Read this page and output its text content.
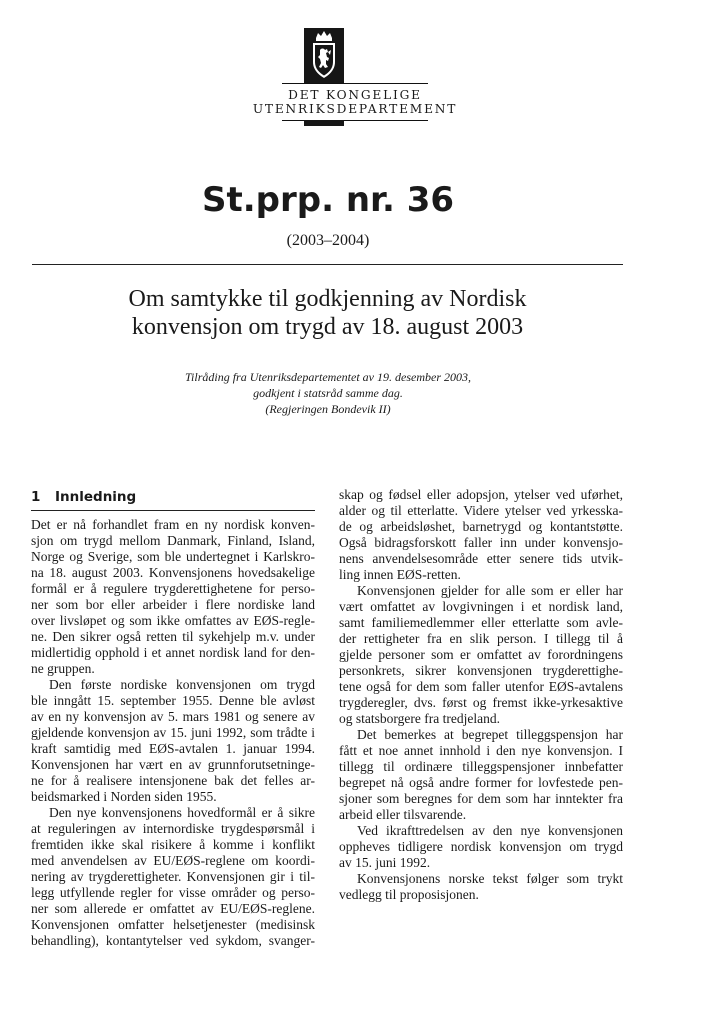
DET KONGELIGE
UTENRIKSDEPARTEMENT
St.prp. nr. 36
(2003–2004)
Om samtykke til godkjenning av Nordisk
konvensjon om trygd av 18. august 2003
Tilråding fra Utenriksdepartementet av 19. desember 2003,
godkjent i statsråd samme dag.
(Regjeringen Bondevik II)
1 Innledning
Det er nå forhandlet fram en ny nordisk konven-
sjon om trygd mellom Danmark, Finland, Island,
Norge og Sverige, som ble undertegnet i Karlskro-
na 18. august 2003. Konvensjonens hovedsakelige
formål er å regulere trygderettighetene for perso-
ner som bor eller arbeider i flere nordiske land
over livsløpet og som ikke omfattes av EØS-regle-
ne. Den sikrer også retten til sykehjelp m.v. under
midlertidig opphold i et annet nordisk land for den-
ne gruppen.
Den første nordiske konvensjonen om trygd
ble inngått 15. september 1955. Denne ble avløst
av en ny konvensjon av 5. mars 1981 og senere av
gjeldende konvensjon av 15. juni 1992, som trådte i
kraft samtidig med EØS-avtalen 1. januar 1994.
Konvensjonen har vært en av grunnforutsetninge-
ne for å realisere intensjonene bak det felles ar-
beidsmarked i Norden siden 1955.
Den nye konvensjonens hovedformål er å sikre
at reguleringen av internordiske trygdespørsmål i
fremtiden ikke skal risikere å komme i konflikt
med anvendelsen av EU/EØS-reglene om koordi-
nering av trygderettigheter. Konvensjonen gir i til-
legg utfyllende regler for visse områder og perso-
ner som allerede er omfattet av EU/EØS-reglene.
Konvensjonen omfatter helsetjenester (medisinsk
behandling), kontantytelser ved sykdom, svanger-
skap og fødsel eller adopsjon, ytelser ved uførhet,
alder og til etterlatte. Videre ytelser ved yrkesska-
de og arbeidsløshet, barnetrygd og kontantstøtte.
Også bidragsforskott faller inn under konvensjo-
nens anvendelsesområde etter senere tids utvik-
ling innen EØS-retten.
Konvensjonen gjelder for alle som er eller har
vært omfattet av lovgivningen i et nordisk land,
samt familiemedlemmer eller etterlatte som avle-
der rettigheter fra en slik person. I tillegg til å
gjelde personer som er omfattet av forordningens
personkrets, sikrer konvensjonen trygderettighe-
tene også for dem som faller utenfor EØS-avtalens
trygderegler, dvs. først og fremst ikke-yrkesaktive
og statsborgere fra tredjeland.
Det bemerkes at begrepet tilleggspensjon har
fått et noe annet innhold i den nye konvensjon. I
tillegg til ordinære tilleggspensjoner innbefatter
begrepet nå også andre former for lovfestede pen-
sjoner som beregnes for dem som har inntekter fra
arbeid eller tilsvarende.
Ved ikrafttredelsen av den nye konvensjonen
oppheves tidligere nordisk konvensjon om trygd
av 15. juni 1992.
Konvensjonens norske tekst følger som trykt
vedlegg til proposisjonen.
